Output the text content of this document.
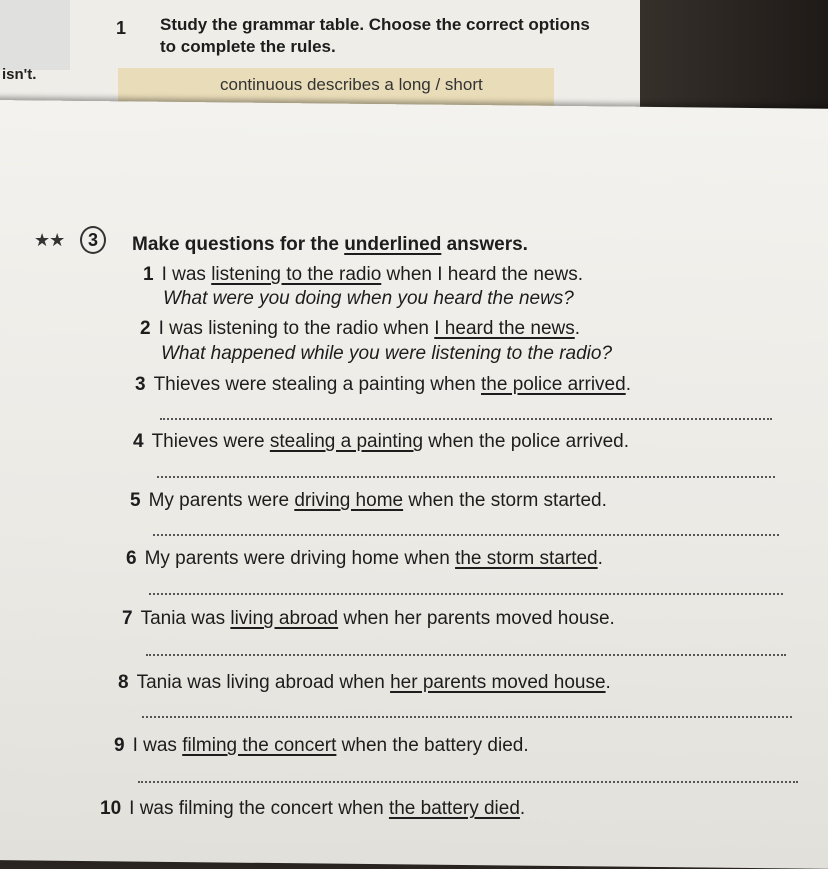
isn't.
1 Study the grammar table. Choose the correct options to complete the rules.
continuous describes a long / short
★★	3	Make questions for the underlined answers.
1 I was listening to the radio when I heard the news.
What were you doing when you heard the news?
2 I was listening to the radio when I heard the news.
What happened while you were listening to the radio?
3 Thieves were stealing a painting when the police arrived.
4 Thieves were stealing a painting when the police arrived.
5 My parents were driving home when the storm started.
6 My parents were driving home when the storm started.
7 Tania was living abroad when her parents moved house.
8 Tania was living abroad when her parents moved house.
9 I was filming the concert when the battery died.
10 I was filming the concert when the battery died.
